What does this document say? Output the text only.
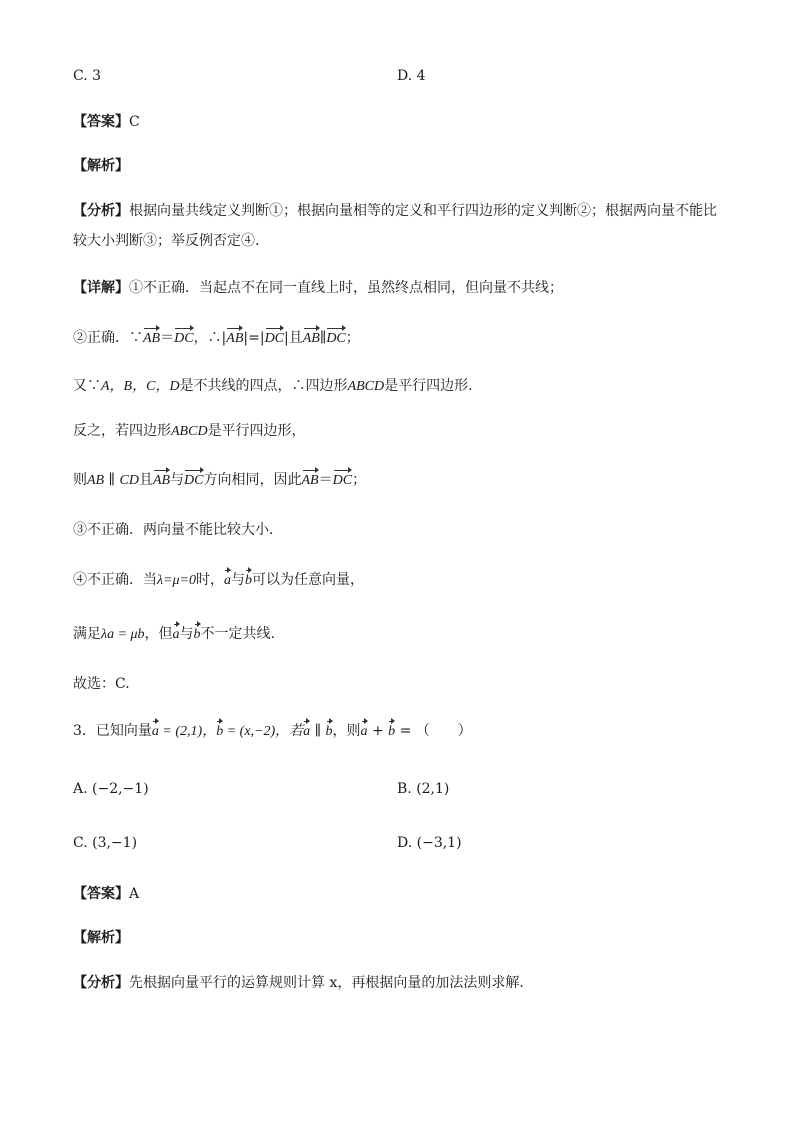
C. 3	D. 4
【答案】C
【解析】
【分析】根据向量共线定义判断①；根据向量相等的定义和平行四边形的定义判断②；根据两向量不能比
较大小判断③；举反例否定④.
【详解】①不正确．当起点不在同一直线上时，虽然终点相同，但向量不共线；
②正确．∵AB＝DC，∴|AB|=|DC|且AB∥DC；
又∵A，B，C，D是不共线的四点，∴四边形ABCD是平行四边形.
反之，若四边形ABCD是平行四边形，
则AB ∥ CD且AB与DC方向相同，因此AB＝DC；
③不正确．两向量不能比较大小.
④不正确．当λ=μ=0时，a与b可以为任意向量，
满足λa = μb，但a与b不一定共线.
故选：C.
3．已知向量a = (2,1)，b = (x,−2)，若a ∥ b，则a + b = （　　）
A. (−2,−1)	B. (2,1)
C. (3,−1)	D. (−3,1)
【答案】A
【解析】
【分析】先根据向量平行的运算规则计算 x，再根据向量的加法法则求解.
